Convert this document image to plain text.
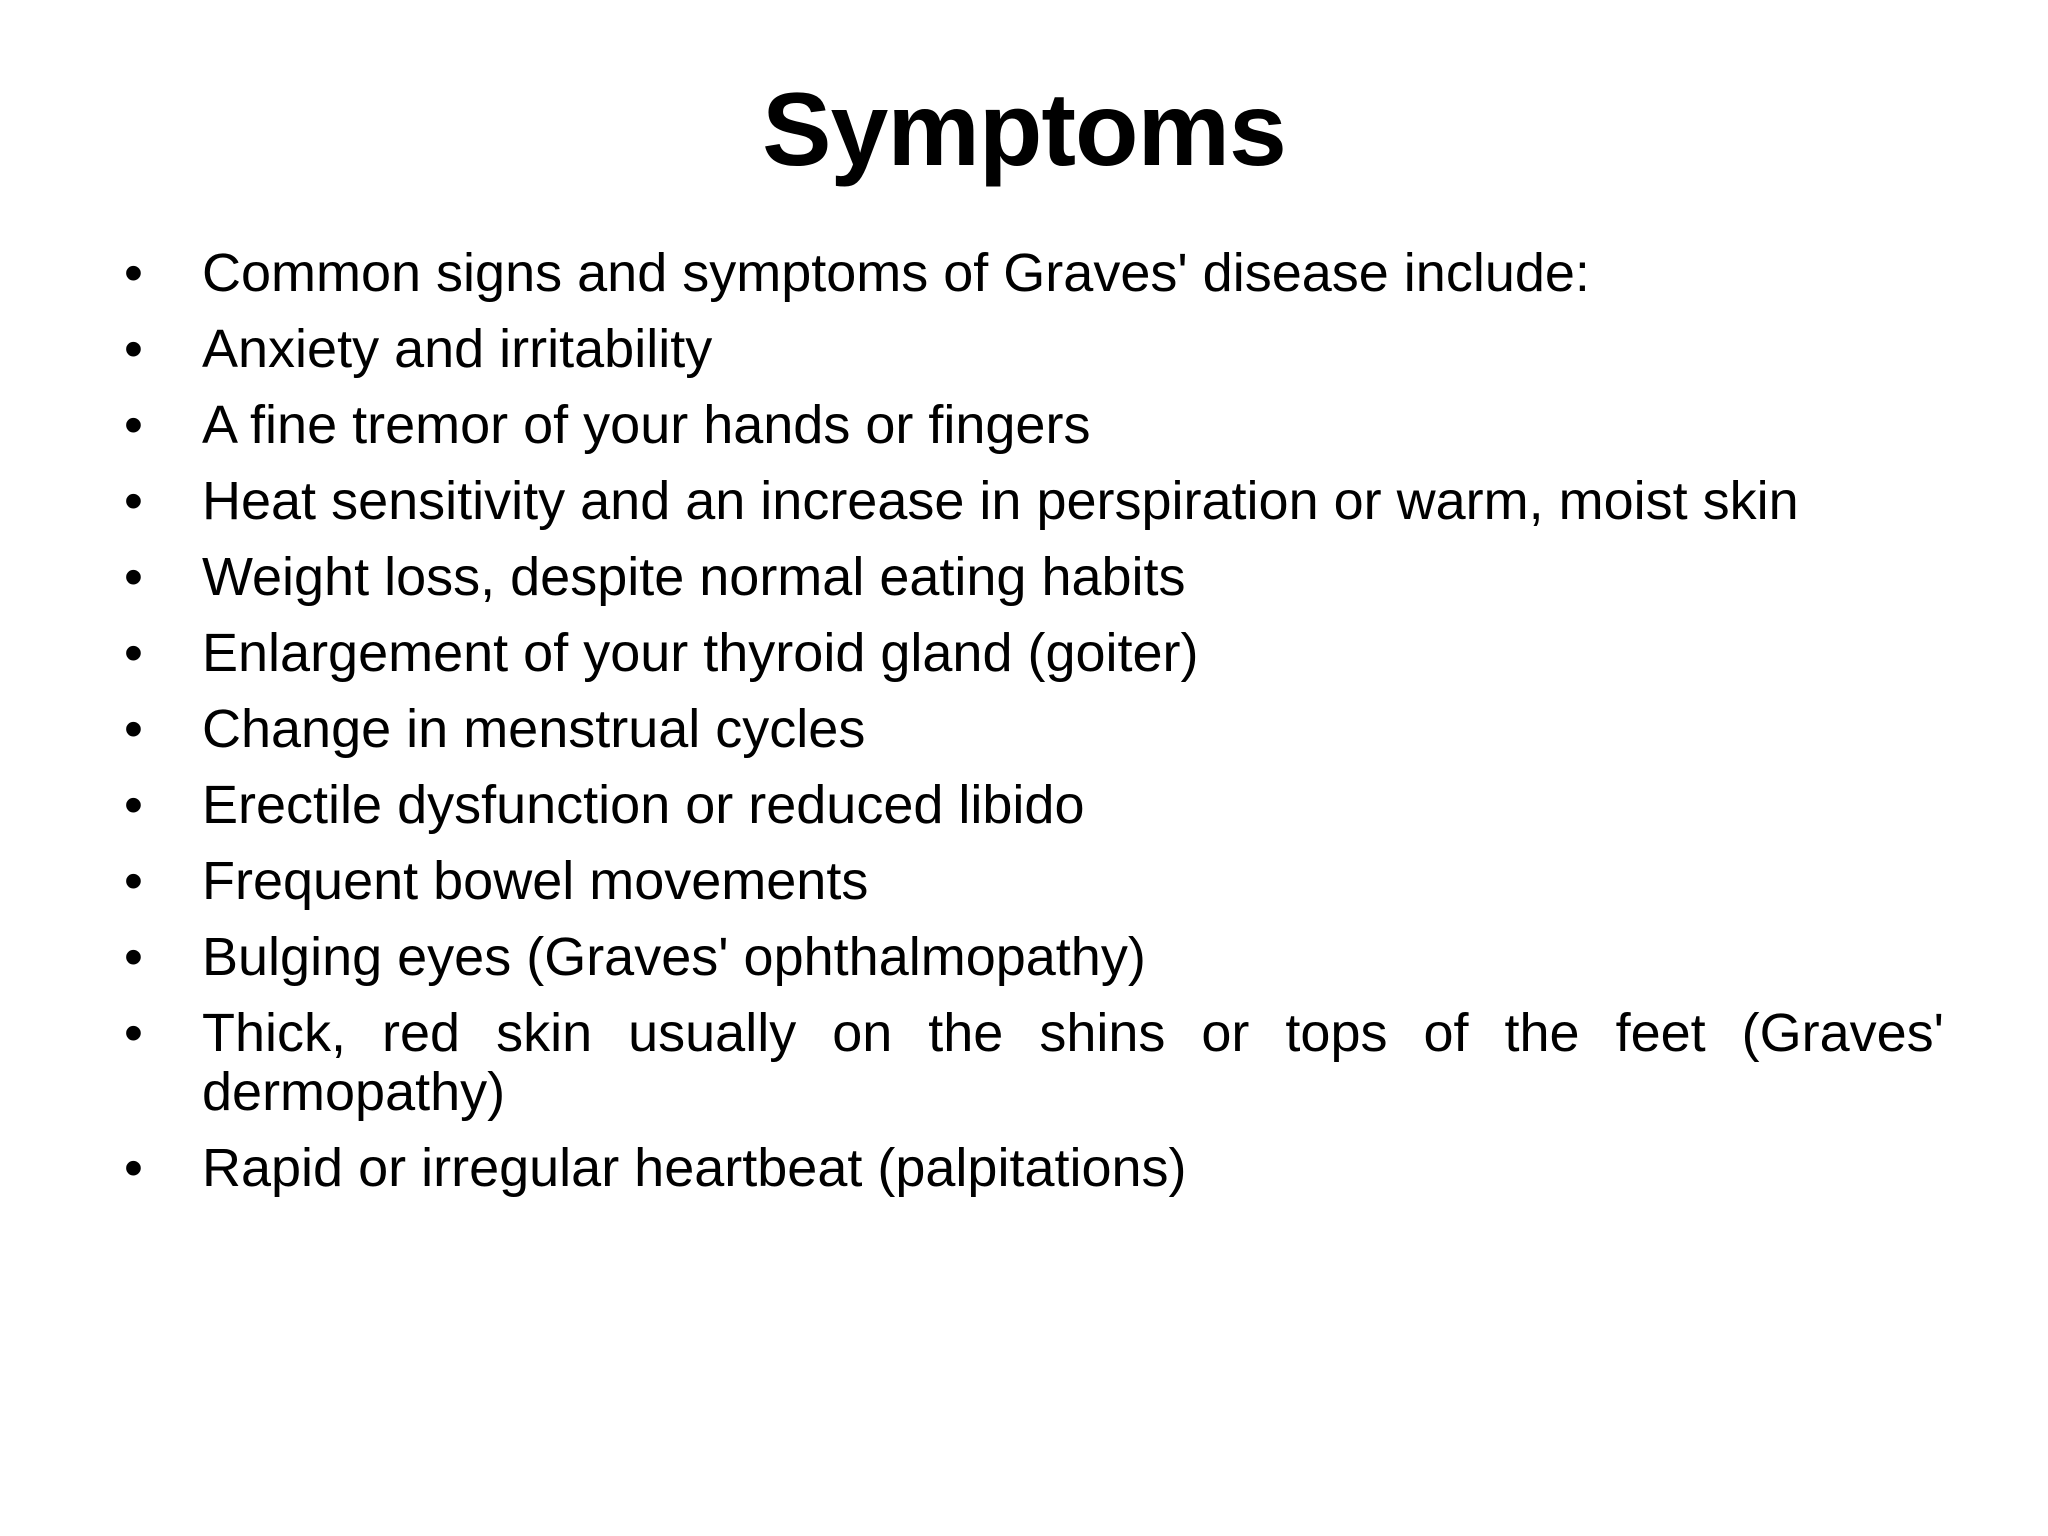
Symptoms
•	Common signs and symptoms of Graves' disease include:
•	Anxiety and irritability
•	A fine tremor of your hands or fingers
•	Heat sensitivity and an increase in perspiration or warm, moist skin
•	Weight loss, despite normal eating habits
•	Enlargement of your thyroid gland (goiter)
•	Change in menstrual cycles
•	Erectile dysfunction or reduced libido
•	Frequent bowel movements
•	Bulging eyes (Graves' ophthalmopathy)
•	Thick, red skin usually on the shins or tops of the feet (Graves' dermopathy)
•	Rapid or irregular heartbeat (palpitations)
